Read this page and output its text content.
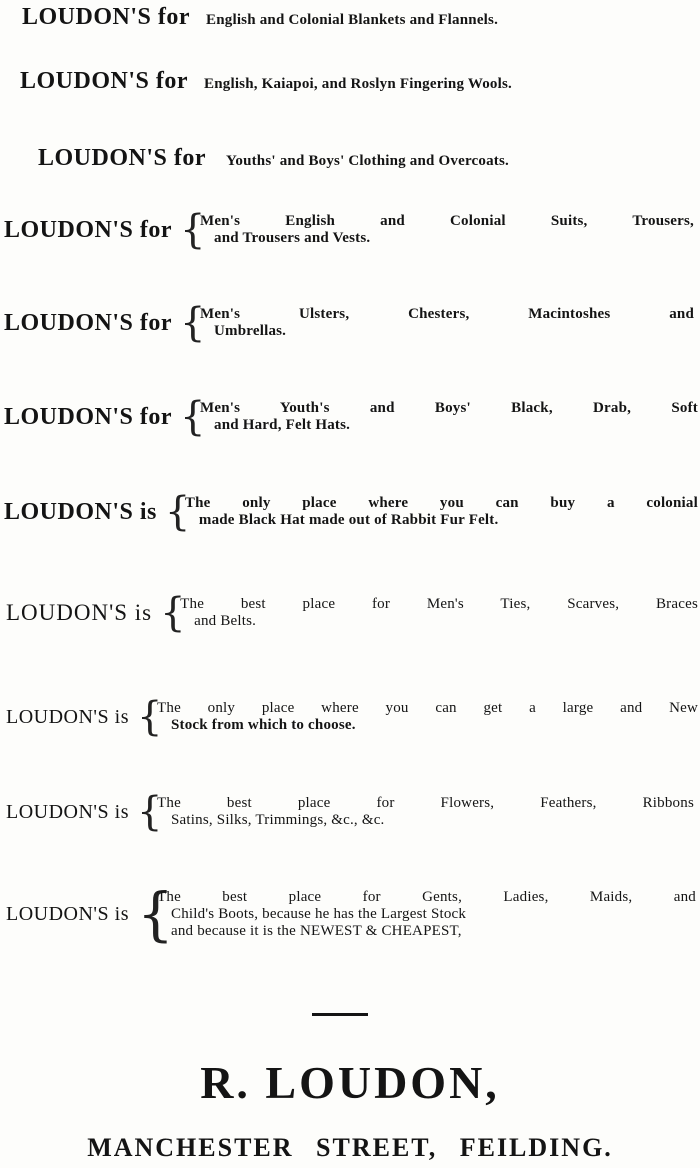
LOUDON'S for English and Colonial Blankets and Flannels.
LOUDON'S for English, Kaiapoi, and Roslyn Fingering Wools.
LOUDON'S for Youths' and Boys' Clothing and Overcoats.
LOUDON'S for {
Men's English and Colonial Suits, Trousers,
and Trousers and Vests.
LOUDON'S for {
Men's Ulsters, Chesters, Macintoshes and
Umbrellas.
LOUDON'S for {
Men's Youth's and Boys' Black, Drab, Soft
and Hard, Felt Hats.
LOUDON'S is {
The only place where you can buy a colonial
made Black Hat made out of Rabbit Fur Felt.
LOUDON'S is {
The best place for Men's Ties, Scarves, Braces
and Belts.
LOUDON'S is {
The only place where you can get a large and New
Stock from which to choose.
LOUDON'S is {
The best place for Flowers, Feathers, Ribbons
Satins, Silks, Trimmings, &c., &c.
LOUDON'S is {
The best place for Gents, Ladies, Maids, and
Child's Boots, because he has the Largest Stock
and because it is the NEWEST & CHEAPEST,
R. LOUDON,
MANCHESTER STREET, FEILDING.
